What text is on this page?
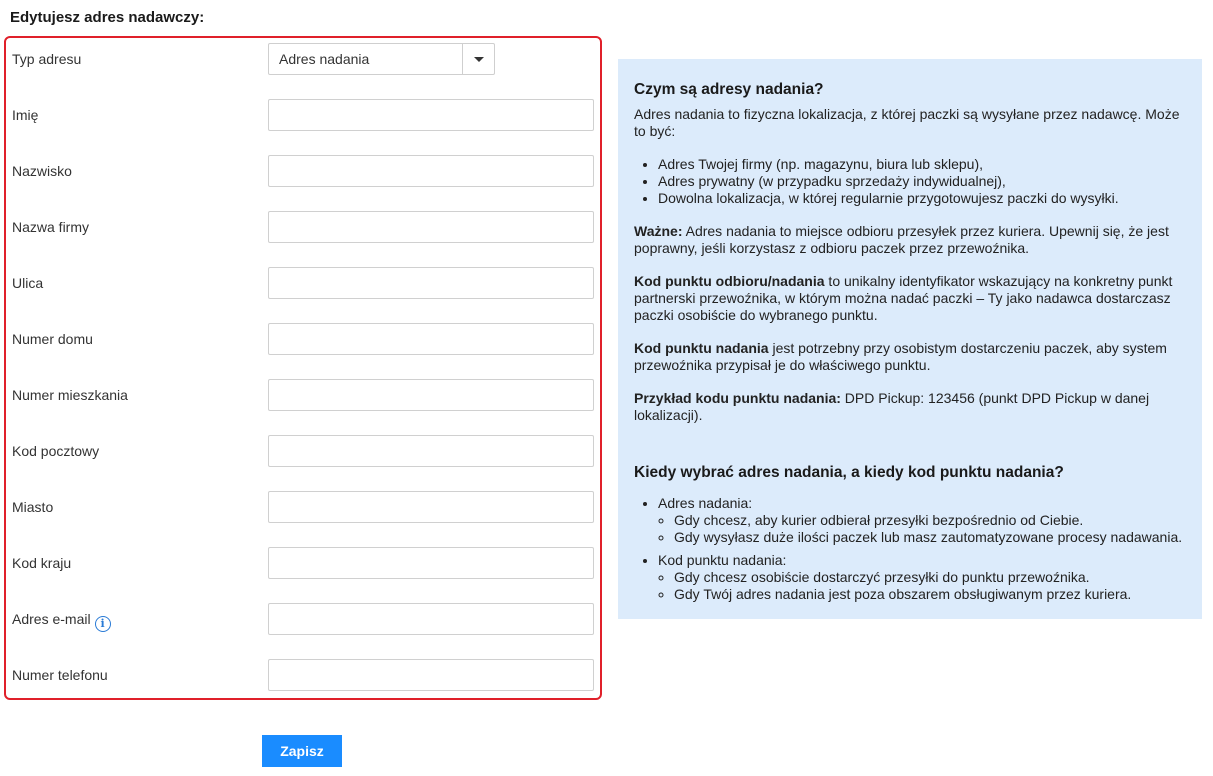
Edytujesz adres nadawczy:
Typ adresu	Adres nadania
Imię
Nazwisko
Nazwa firmy
Ulica
Numer domu
Numer mieszkania
Kod pocztowy
Miasto
Kod kraju
Adres e-mail i
Numer telefonu
Zapisz
Czym są adresy nadania?

Adres nadania to fizyczna lokalizacja, z której paczki są wysyłane przez nadawcę. Może to być:

• Adres Twojej firmy (np. magazynu, biura lub sklepu),
• Adres prywatny (w przypadku sprzedaży indywidualnej),
• Dowolna lokalizacja, w której regularnie przygotowujesz paczki do wysyłki.

Ważne: Adres nadania to miejsce odbioru przesyłek przez kuriera. Upewnij się, że jest poprawny, jeśli korzystasz z odbioru paczek przez przewoźnika.

Kod punktu odbioru/nadania to unikalny identyfikator wskazujący na konkretny punkt partnerski przewoźnika, w którym można nadać paczki – Ty jako nadawca dostarczasz paczki osobiście do wybranego punktu.

Kod punktu nadania jest potrzebny przy osobistym dostarczeniu paczek, aby system przewoźnika przypisał je do właściwego punktu.

Przykład kodu punktu nadania: DPD Pickup: 123456 (punkt DPD Pickup w danej lokalizacji).

Kiedy wybrać adres nadania, a kiedy kod punktu nadania?
• Adres nadania:
◦ Gdy chcesz, aby kurier odbierał przesyłki bezpośrednio od Ciebie.
◦ Gdy wysyłasz duże ilości paczek lub masz zautomatyzowane procesy nadawania.
• Kod punktu nadania:
◦ Gdy chcesz osobiście dostarczyć przesyłki do punktu przewoźnika.
◦ Gdy Twój adres nadania jest poza obszarem obsługiwanym przez kuriera.
